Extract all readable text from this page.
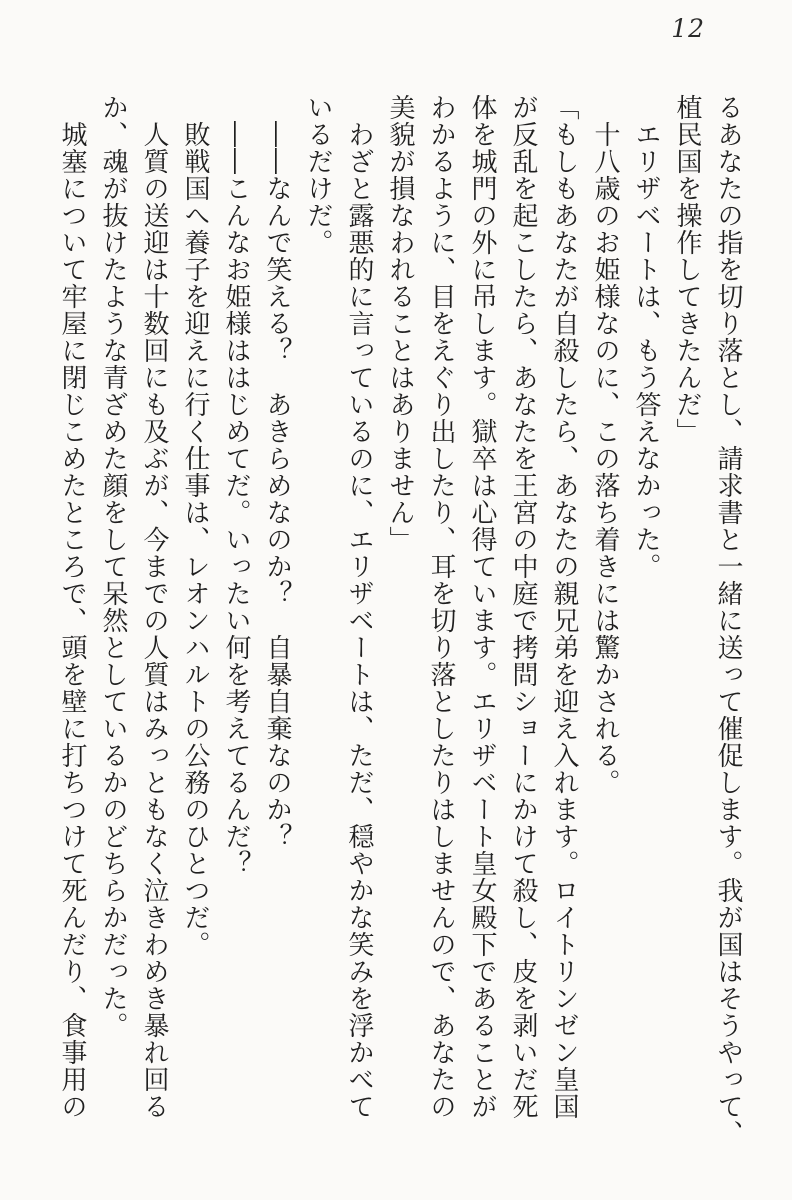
12
るあなたの指を切り落とし、請求書と一緒に送って催促します。我が国はそうやって、
植民国を操作してきたんだ」
　エリザベートは、もう答えなかった。
　十八歳のお姫様なのに、この落ち着きには驚かされる。
「もしもあなたが自殺したら、あなたの親兄弟を迎え入れます。ロイトリンゼン皇国
が反乱を起こしたら、あなたを王宮の中庭で拷問ショーにかけて殺し、皮を剥いだ死
体を城門の外に吊します。獄卒は心得ています。エリザベート皇女殿下であることが
わかるように、目をえぐり出したり、耳を切り落としたりはしませんので、あなたの
美貌が損なわれることはありません」
　わざと露悪的に言っているのに、エリザベートは、ただ、穏やかな笑みを浮かべて
いるだけだ。
　――なんで笑える？　あきらめなのか？　自暴自棄なのか？
　――こんなお姫様ははじめてだ。いったい何を考えてるんだ？
　敗戦国へ養子を迎えに行く仕事は、レオンハルトの公務のひとつだ。
　人質の送迎は十数回にも及ぶが、今までの人質はみっともなく泣きわめき暴れ回る
か、魂が抜けたような青ざめた顔をして呆然としているかのどちらかだった。
　城塞について牢屋に閉じこめたところで、頭を壁に打ちつけて死んだり、食事用の
